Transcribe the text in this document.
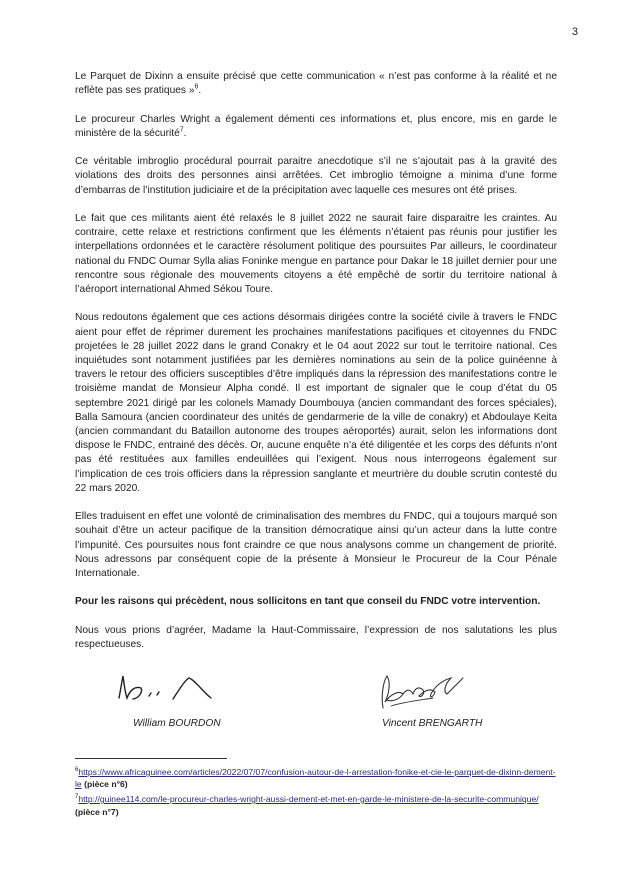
3

Le Parquet de Dixinn a ensuite précisé que cette communication « n’est pas conforme à la réalité et ne reflète pas ses pratiques »$^6$.

Le procureur Charles Wright a également démenti ces informations et, plus encore, mis en garde le ministère de la sécurité$^7$.

Ce véritable imbroglio procédural pourrait paraitre anecdotique s’il ne s’ajoutait pas à la gravité des violations des droits des personnes ainsi arrêtées. Cet imbroglio témoigne a minima d’une forme d’embarras de l’institution judiciaire et de la précipitation avec laquelle ces mesures ont été prises.

Le fait que ces militants aient été relaxés le 8 juillet 2022 ne saurait faire disparaitre les craintes. Au contraire, cette relaxe et restrictions confirment que les éléments n’étaient pas réunis pour justifier les interpellations ordonnées et le caractère résolument politique des poursuites Par ailleurs, le coordinateur national du FNDC Oumar Sylla alias Foninke mengue en partance pour Dakar le 18 juillet dernier pour une rencontre sous régionale des mouvements citoyens a été empêché de sortir du territoire national à l’aéroport international Ahmed Sékou Toure.

Nous redoutons également que ces actions désormais dirigées contre la société civile à travers le FNDC aient pour effet de réprimer durement les prochaines manifestations pacifiques et citoyennes du FNDC projetées le 28 juillet 2022 dans le grand Conakry et le 04 aout 2022 sur tout le territoire national. Ces inquiétudes sont notamment justifiées par les dernières nominations au sein de la police guinéenne à travers le retour des officiers susceptibles d’être impliqués dans la répression des manifestations contre le troisième mandat de Monsieur Alpha condé. Il est important de signaler que le coup d’état du 05 septembre 2021 dirigé par les colonels Mamady Doumbouya (ancien commandant des forces spéciales), Balla Samoura (ancien coordinateur des unités de gendarmerie de la ville de conakry) et Abdoulaye Keita (ancien commandant du Bataillon autonome des troupes aéroportés) aurait, selon les informations dont dispose le FNDC, entrainé des décès. Or, aucune enquête n’a été diligentée et les corps des défunts n’ont pas été restituées aux familles endeuillées qui l’exigent. Nous nous interrogeons également sur l’implication de ces trois officiers dans la répression sanglante et meurtrière du double scrutin contesté du 22 mars 2020.

Elles traduisent en effet une volonté de criminalisation des membres du FNDC, qui a toujours marqué son souhait d’être un acteur pacifique de la transition démocratique ainsi qu’un acteur dans la lutte contre l’impunité. Ces poursuites nous font craindre ce que nous analysons comme un changement de priorité. Nous adressons par conséquent copie de la présente à Monsieur le Procureur de la Cour Pénale Internationale.

Pour les raisons qui précèdent, nous sollicitons en tant que conseil du FNDC votre intervention.

Nous vous prions d’agréer, Madame la Haut-Commissaire, l’expression de nos salutations les plus respectueuses.

William BOURDON	Vincent BRENGARTH
$^6$https://www.africaguinee.com/articles/2022/07/07/confusion-autour-de-l-arrestation-fonike-et-cie-le-parquet-de-dixinn-dement-le (pièce n°6)
$^7$http://guinee114.com/le-procureur-charles-wright-aussi-dement-et-met-en-garde-le-ministere-de-la-securite-communique/ (pièce n°7)
